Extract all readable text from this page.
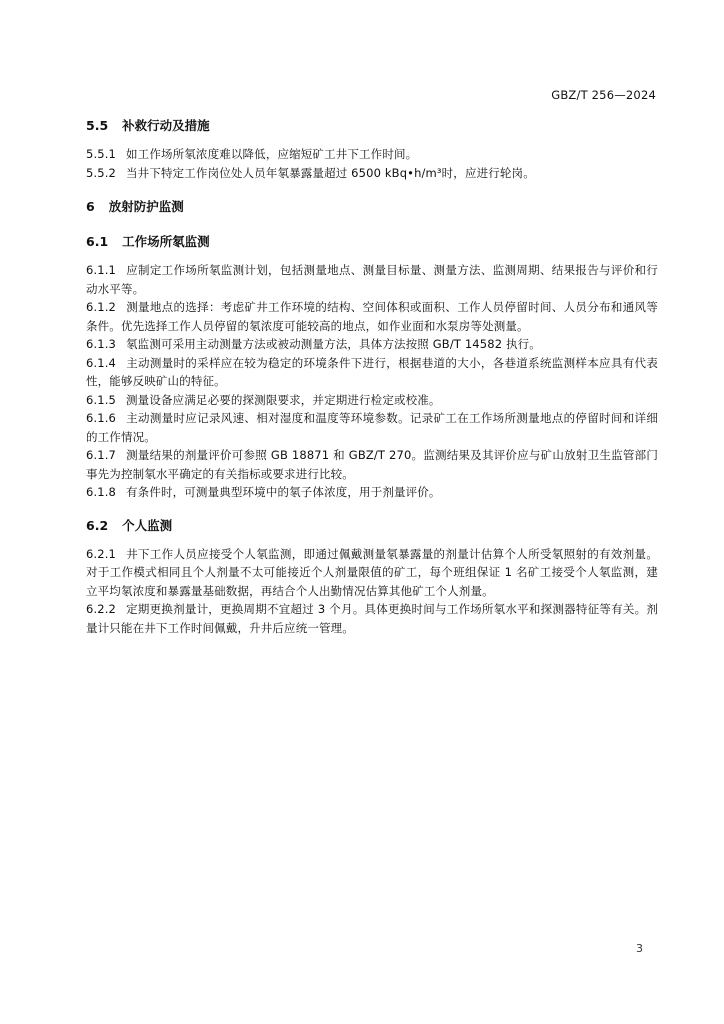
GBZ/T 256—2024
5.5 补救行动及措施

5.5.1 如工作场所氡浓度难以降低，应缩短矿工井下工作时间。

5.5.2 当井下特定工作岗位处人员年氡暴露量超过 6500 kBq•h/m³时，应进行轮岗。

6 放射防护监测
6.1 工作场所氡监测

6.1.1 应制定工作场所氡监测计划，包括测量地点、测量目标量、测量方法、监测周期、结果报告与评价和行动水平等。

6.1.2 测量地点的选择：考虑矿井工作环境的结构、空间体积或面积、工作人员停留时间、人员分布和通风等条件。优先选择工作人员停留的氡浓度可能较高的地点，如作业面和水泵房等处测量。

6.1.3 氡监测可采用主动测量方法或被动测量方法，具体方法按照 GB/T 14582 执行。

6.1.4 主动测量时的采样应在较为稳定的环境条件下进行，根据巷道的大小，各巷道系统监测样本应具有代表性，能够反映矿山的特征。

6.1.5 测量设备应满足必要的探测限要求，并定期进行检定或校准。

6.1.6 主动测量时应记录风速、相对湿度和温度等环境参数。记录矿工在工作场所测量地点的停留时间和详细的工作情况。

6.1.7 测量结果的剂量评价可参照 GB 18871 和 GBZ/T 270。监测结果及其评价应与矿山放射卫生监管部门事先为控制氡水平确定的有关指标或要求进行比较。

6.1.8 有条件时，可测量典型环境中的氡子体浓度，用于剂量评价。

6.2 个人监测

6.2.1 井下工作人员应接受个人氡监测，即通过佩戴测量氡暴露量的剂量计估算个人所受氡照射的有效剂量。对于工作模式相同且个人剂量不太可能接近个人剂量限值的矿工，每个班组保证 1 名矿工接受个人氡监测，建立平均氡浓度和暴露量基础数据，再结合个人出勤情况估算其他矿工个人剂量。

6.2.2 定期更换剂量计，更换周期不宜超过 3 个月。具体更换时间与工作场所氡水平和探测器特征等有关。剂量计只能在井下工作时间佩戴，升井后应统一管理。

3
